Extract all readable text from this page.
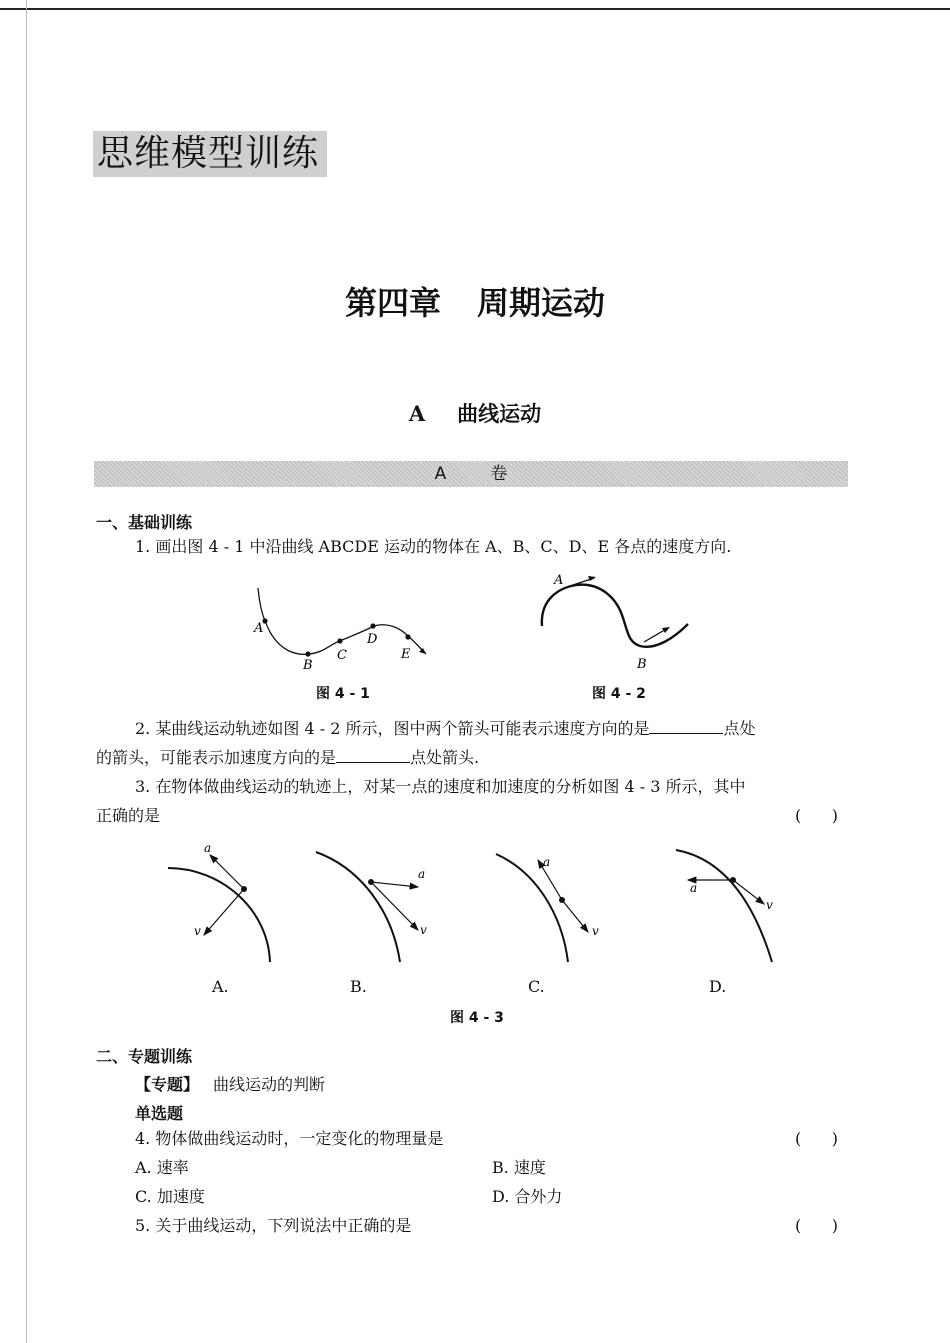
思维模型训练
第四章 周期运动
A 曲线运动
A	卷
一、基础训练
1. 画出图 4 - 1 中沿曲线 ABCDE 运动的物体在 A、B、C、D、E 各点的速度方向.
A
B
C
D
E
图 4 - 1
A
B
图 4 - 2
2. 某曲线运动轨迹如图 4 - 2 所示，图中两个箭头可能表示速度方向的是	点处
的箭头，可能表示加速度方向的是	点处箭头.
3. 在物体做曲线运动的轨迹上，对某一点的速度和加速度的分析如图 4 - 3 所示，其中
正确的是	(      )
a
v
a
v
a
v
a
v
A.	B.	C.	D.
图 4 - 3
二、专题训练
【专题】 曲线运动的判断
单选题
4. 物体做曲线运动时，一定变化的物理量是	(      )
A. 速率	B. 速度
C. 加速度	D. 合外力
5. 关于曲线运动，下列说法中正确的是	(      )
